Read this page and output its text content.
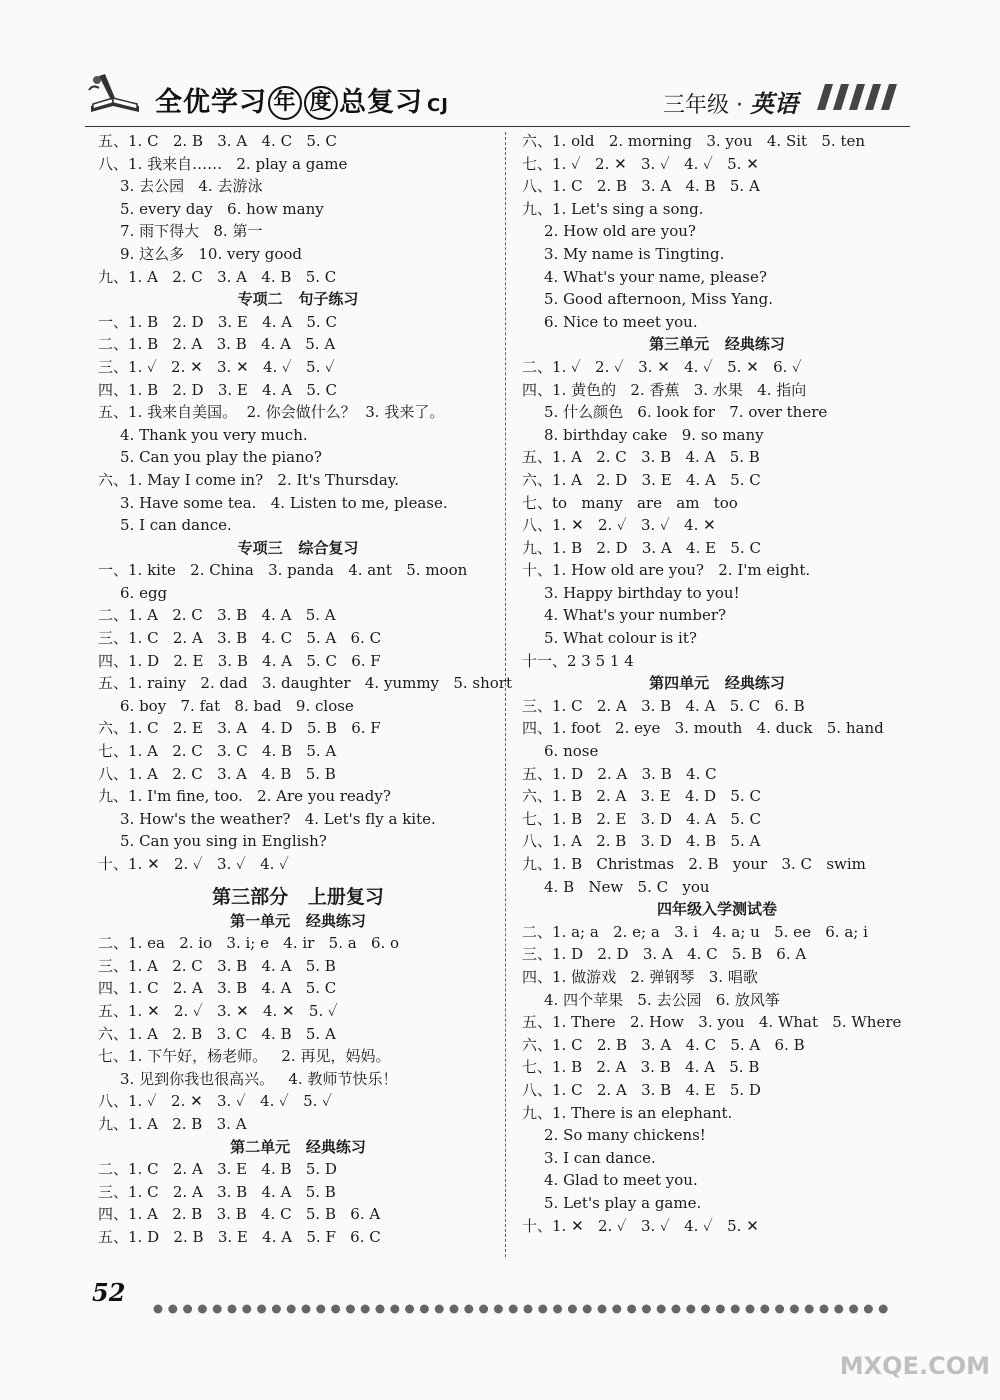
全优学习 年 度 总复习 CJ	三年级 · 英语
五、1. C   2. B   3. A   4. C   5. C
八、1. 我来自……   2. play a game
3. 去公园   4. 去游泳
5. every day   6. how many
7. 雨下得大   8. 第一
9. 这么多   10. very good
九、1. A   2. C   3. A   4. B   5. C
专项二   句子练习
一、1. B   2. D   3. E   4. A   5. C
二、1. B   2. A   3. B   4. A   5. A
三、1. ✓   2. ✕   3. ✕   4. ✓   5. ✓
四、1. B   2. D   3. E   4. A   5. C
五、1. 我来自美国。  2. 你会做什么？  3. 我来了。
4. Thank you very much.
5. Can you play the piano?
六、1. May I come in?   2. It's Thursday.
3. Have some tea.   4. Listen to me, please.
5. I can dance.
专项三   综合复习
一、1. kite   2. China   3. panda   4. ant   5. moon
6. egg
二、1. A   2. C   3. B   4. A   5. A
三、1. C   2. A   3. B   4. C   5. A   6. C
四、1. D   2. E   3. B   4. A   5. C   6. F
五、1. rainy   2. dad   3. daughter   4. yummy   5. short
6. boy   7. fat   8. bad   9. close
六、1. C   2. E   3. A   4. D   5. B   6. F
七、1. A   2. C   3. C   4. B   5. A
八、1. A   2. C   3. A   4. B   5. B
九、1. I'm fine, too.   2. Are you ready?
3. How's the weather?   4. Let's fly a kite.
5. Can you sing in English?
十、1. ✕   2. ✓   3. ✓   4. ✓
第三部分   上册复习
第一单元   经典练习
二、1. ea   2. io   3. i; e   4. ir   5. a   6. o
三、1. A   2. C   3. B   4. A   5. B
四、1. C   2. A   3. B   4. A   5. C
五、1. ✕   2. ✓   3. ✕   4. ✕   5. ✓
六、1. A   2. B   3. C   4. B   5. A
七、1. 下午好，杨老师。   2. 再见，妈妈。
3. 见到你我也很高兴。   4. 教师节快乐！
八、1. ✓   2. ✕   3. ✓   4. ✓   5. ✓
九、1. A   2. B   3. A
第二单元   经典练习
二、1. C   2. A   3. E   4. B   5. D
三、1. C   2. A   3. B   4. A   5. B
四、1. A   2. B   3. B   4. C   5. B   6. A
五、1. D   2. B   3. E   4. A   5. F   6. C
六、1. old   2. morning   3. you   4. Sit   5. ten
七、1. ✓   2. ✕   3. ✓   4. ✓   5. ✕
八、1. C   2. B   3. A   4. B   5. A
九、1. Let's sing a song.
2. How old are you?
3. My name is Tingting.
4. What's your name, please?
5. Good afternoon, Miss Yang.
6. Nice to meet you.
第三单元   经典练习
二、1. ✓   2. ✓   3. ✕   4. ✓   5. ✕   6. ✓
四、1. 黄色的   2. 香蕉   3. 水果   4. 指向
5. 什么颜色   6. look for   7. over there
8. birthday cake   9. so many
五、1. A   2. C   3. B   4. A   5. B
六、1. A   2. D   3. E   4. A   5. C
七、to   many   are   am   too
八、1. ✕   2. ✓   3. ✓   4. ✕
九、1. B   2. D   3. A   4. E   5. C
十、1. How old are you?   2. I'm eight.
3. Happy birthday to you!
4. What's your number?
5. What colour is it?
十一、2 3 5 1 4
第四单元   经典练习
三、1. C   2. A   3. B   4. A   5. C   6. B
四、1. foot   2. eye   3. mouth   4. duck   5. hand
6. nose
五、1. D   2. A   3. B   4. C
六、1. B   2. A   3. E   4. D   5. C
七、1. B   2. E   3. D   4. A   5. C
八、1. A   2. B   3. D   4. B   5. A
九、1. B   Christmas   2. B   your   3. C   swim
4. B   New   5. C   you
四年级入学测试卷
二、1. a; a   2. e; a   3. i   4. a; u   5. ee   6. a; i
三、1. D   2. D   3. A   4. C   5. B   6. A
四、1. 做游戏   2. 弹钢琴   3. 唱歌
4. 四个苹果   5. 去公园   6. 放风筝
五、1. There   2. How   3. you   4. What   5. Where
六、1. C   2. B   3. A   4. C   5. A   6. B
七、1. B   2. A   3. B   4. A   5. B
八、1. C   2. A   3. B   4. E   5. D
九、1. There is an elephant.
2. So many chickens!
3. I can dance.
4. Glad to meet you.
5. Let's play a game.
十、1. ✕   2. ✓   3. ✓   4. ✓   5. ✕
52
MXQE.COM
